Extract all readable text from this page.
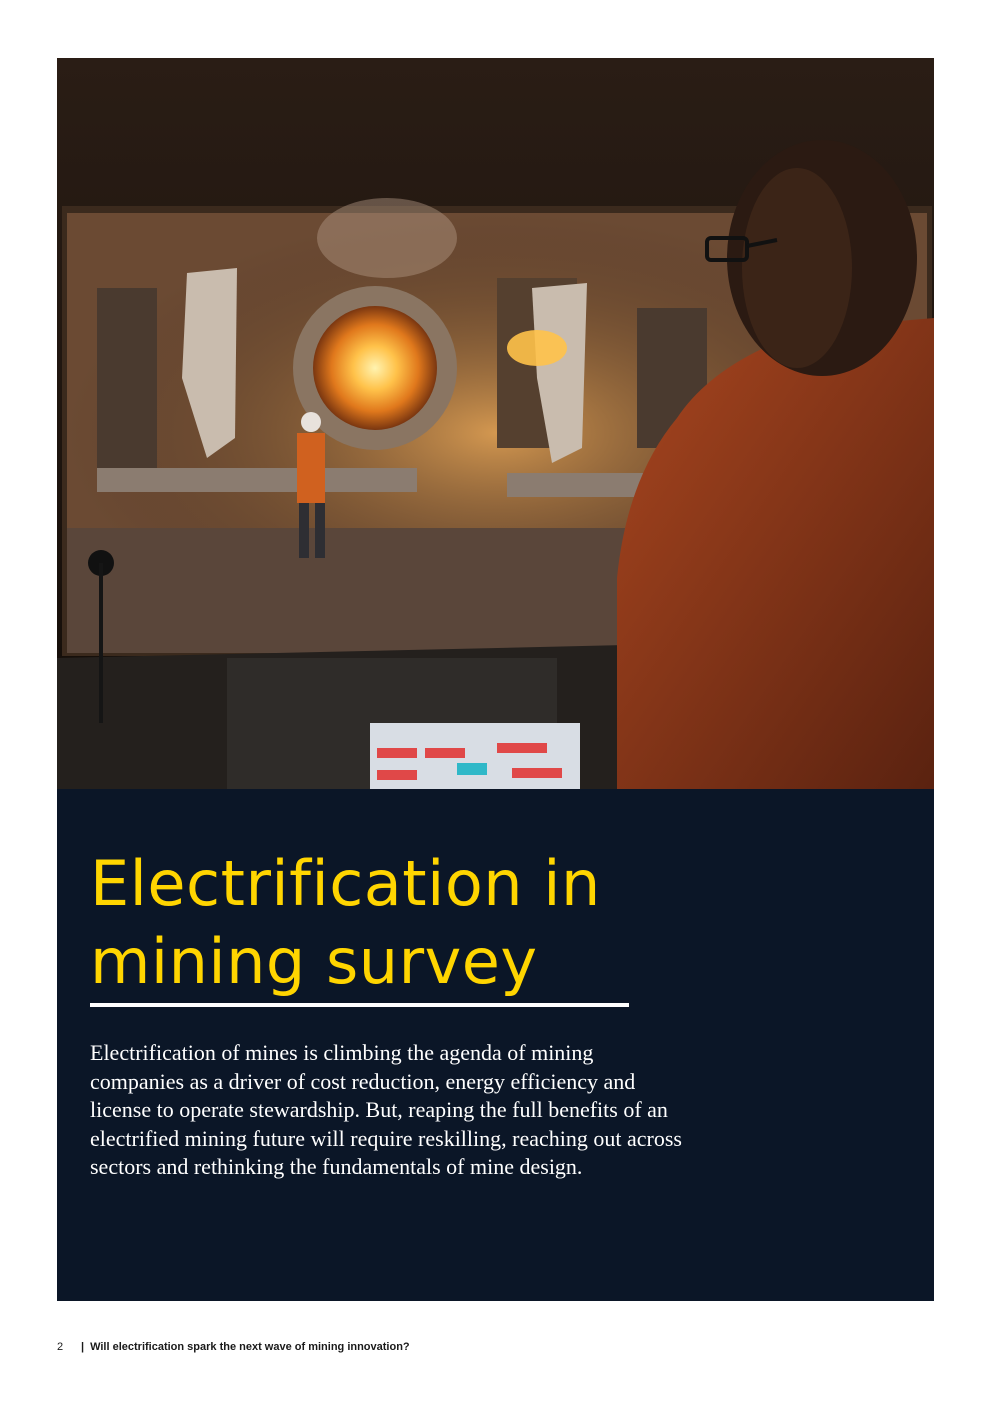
Electrification in mining survey

Electrification of mines is climbing the agenda of mining companies as a driver of cost reduction, energy efficiency and license to operate stewardship. But, reaping the full benefits of an electrified mining future will require reskilling, reaching out across sectors and rethinking the fundamentals of mine design.

2 | Will electrification spark the next wave of mining innovation?
